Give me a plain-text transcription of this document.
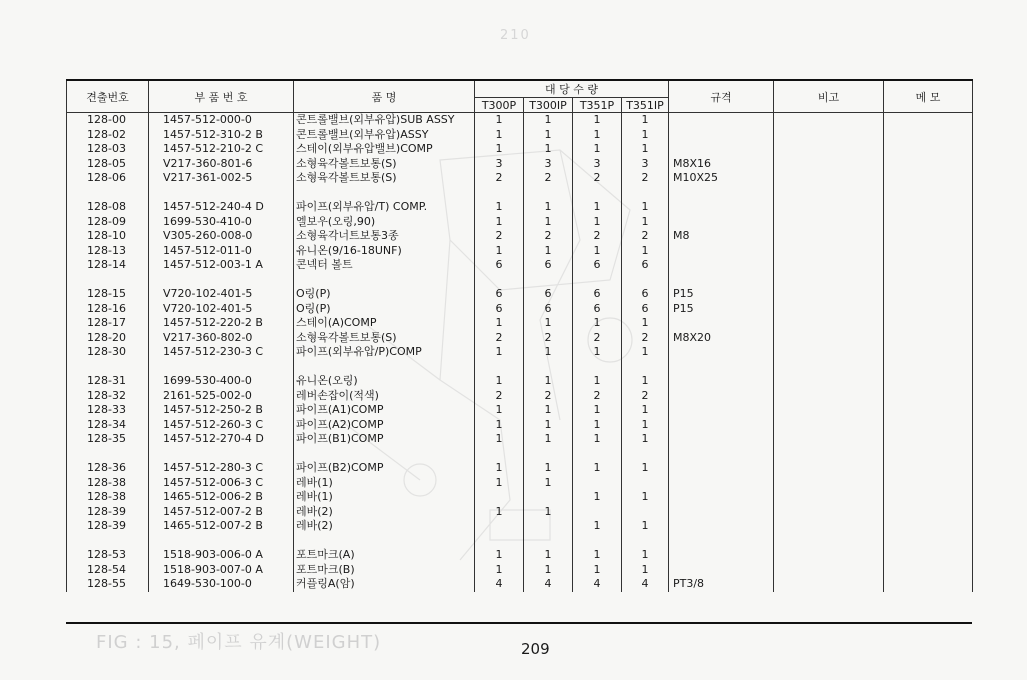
210
견출번호	부 품 번 호	품 명	대 당 수 량				규격	비고	메 모
			T300P	T300IP	T351P	T351IP			
128-00	1457-512-000-0	콘트롤밸브(외부유압)SUB ASSY	1	1	1	1			
128-02	1457-512-310-2 B	콘트롤밸브(외부유압)ASSY	1	1	1	1			
128-03	1457-512-210-2 C	스테이(외부유압밸브)COMP	1	1	1	1			
128-05	V217-360-801-6	소형육각볼트보통(S)	3	3	3	3	M8X16		
128-06	V217-361-002-5	소형육각볼트보통(S)	2	2	2	2	M10X25		

128-08	1457-512-240-4 D	파이프(외부유압/T) COMP.	1	1	1	1			
128-09	1699-530-410-0	엘보우(오링,90)	1	1	1	1			
128-10	V305-260-008-0	소형육각너트보통3종	2	2	2	2	M8		
128-13	1457-512-011-0	유니온(9/16-18UNF)	1	1	1	1			
128-14	1457-512-003-1 A	콘넥터 볼트	6	6	6	6			

128-15	V720-102-401-5	O링(P)	6	6	6	6	P15		
128-16	V720-102-401-5	O링(P)	6	6	6	6	P15		
128-17	1457-512-220-2 B	스테이(A)COMP	1	1	1	1			
128-20	V217-360-802-0	소형육각볼트보통(S)	2	2	2	2	M8X20		
128-30	1457-512-230-3 C	파이프(외부유압/P)COMP	1	1	1	1			

128-31	1699-530-400-0	유니온(오링)	1	1	1	1			
128-32	2161-525-002-0	레버손잡이(적색)	2	2	2	2			
128-33	1457-512-250-2 B	파이프(A1)COMP	1	1	1	1			
128-34	1457-512-260-3 C	파이프(A2)COMP	1	1	1	1			
128-35	1457-512-270-4 D	파이프(B1)COMP	1	1	1	1			

128-36	1457-512-280-3 C	파이프(B2)COMP	1	1	1	1			
128-38	1457-512-006-3 C	레바(1)	1	1					
128-38	1465-512-006-2 B	레바(1)			1	1			
128-39	1457-512-007-2 B	레바(2)	1	1					
128-39	1465-512-007-2 B	레바(2)			1	1			

128-53	1518-903-006-0 A	포트마크(A)	1	1	1	1			
128-54	1518-903-007-0 A	포트마크(B)	1	1	1	1			
128-55	1649-530-100-0	커플링A(암)	4	4	4	4	PT3/8		
FIG : 15, 페이프 유계(WEIGHT)	209
